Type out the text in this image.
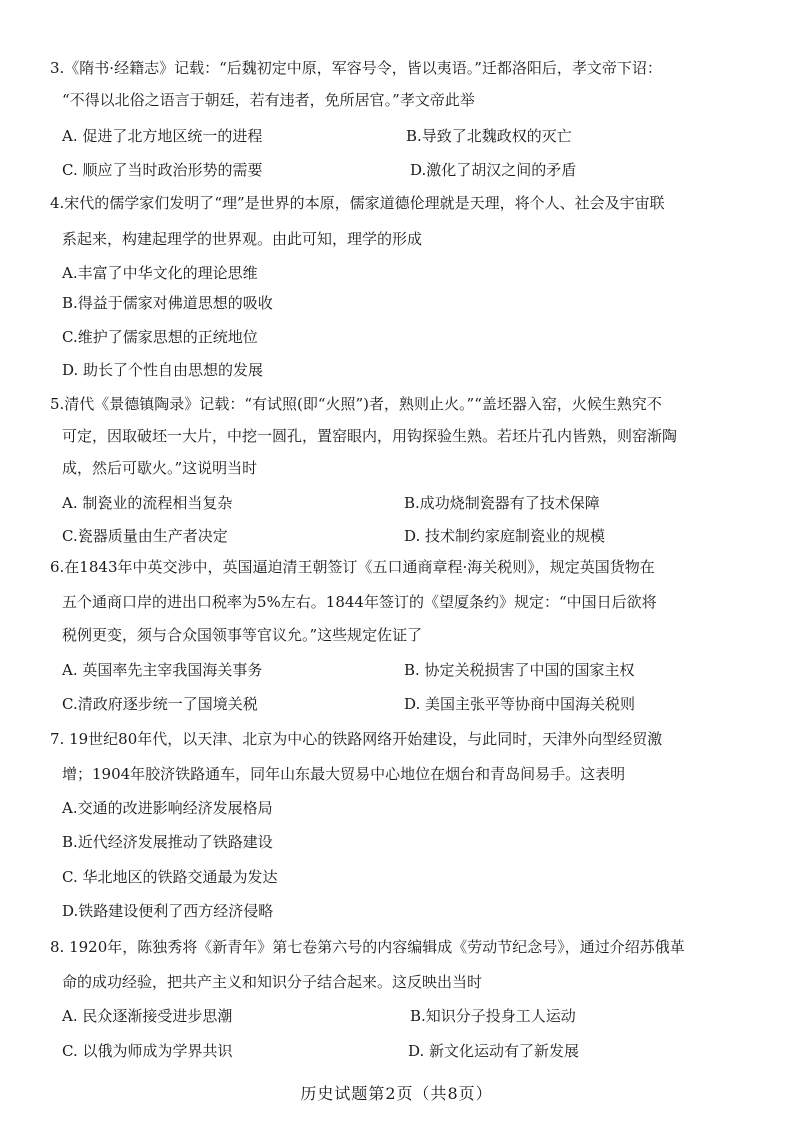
3.《隋书·经籍志》记载：“后魏初定中原，军容号令，皆以夷语。”迁都洛阳后，孝文帝下诏：
“不得以北俗之语言于朝廷，若有违者，免所居官。”孝文帝此举
A. 促进了北方地区统一的进程	B.导致了北魏政权的灭亡
C. 顺应了当时政治形势的需要	D.激化了胡汉之间的矛盾
4.宋代的儒学家们发明了“理”是世界的本原，儒家道德伦理就是天理，将个人、社会及宇宙联
系起来，构建起理学的世界观。由此可知，理学的形成
A.丰富了中华文化的理论思维
B.得益于儒家对佛道思想的吸收
C.维护了儒家思想的正统地位
D. 助长了个性自由思想的发展
5.清代《景德镇陶录》记载：“有试照(即“火照”)者，熟则止火。”“盖坯器入窑，火候生熟究不
可定，因取破坯一大片，中挖一圆孔，置窑眼内，用钩探验生熟。若坯片孔内皆熟，则窑渐陶
成，然后可歇火。”这说明当时
A. 制瓷业的流程相当复杂	B.成功烧制瓷器有了技术保障
C.瓷器质量由生产者决定	D. 技术制约家庭制瓷业的规模
6.在1843年中英交涉中，英国逼迫清王朝签订《五口通商章程·海关税则》，规定英国货物在
五个通商口岸的进出口税率为5%左右。1844年签订的《望厦条约》规定：“中国日后欲将
税例更变，须与合众国领事等官议允。”这些规定佐证了
A. 英国率先主宰我国海关事务	B. 协定关税损害了中国的国家主权
C.清政府逐步统一了国境关税	D. 美国主张平等协商中国海关税则
7. 19世纪80年代，以天津、北京为中心的铁路网络开始建设，与此同时，天津外向型经贸激
增；1904年胶济铁路通车，同年山东最大贸易中心地位在烟台和青岛间易手。这表明
A.交通的改进影响经济发展格局
B.近代经济发展推动了铁路建设
C. 华北地区的铁路交通最为发达
D.铁路建设便利了西方经济侵略
8. 1920年，陈独秀将《新青年》第七卷第六号的内容编辑成《劳动节纪念号》，通过介绍苏俄革
命的成功经验，把共产主义和知识分子结合起来。这反映出当时
A. 民众逐渐接受进步思潮	B.知识分子投身工人运动
C. 以俄为师成为学界共识	D. 新文化运动有了新发展
历史试题第2页（共8页）
